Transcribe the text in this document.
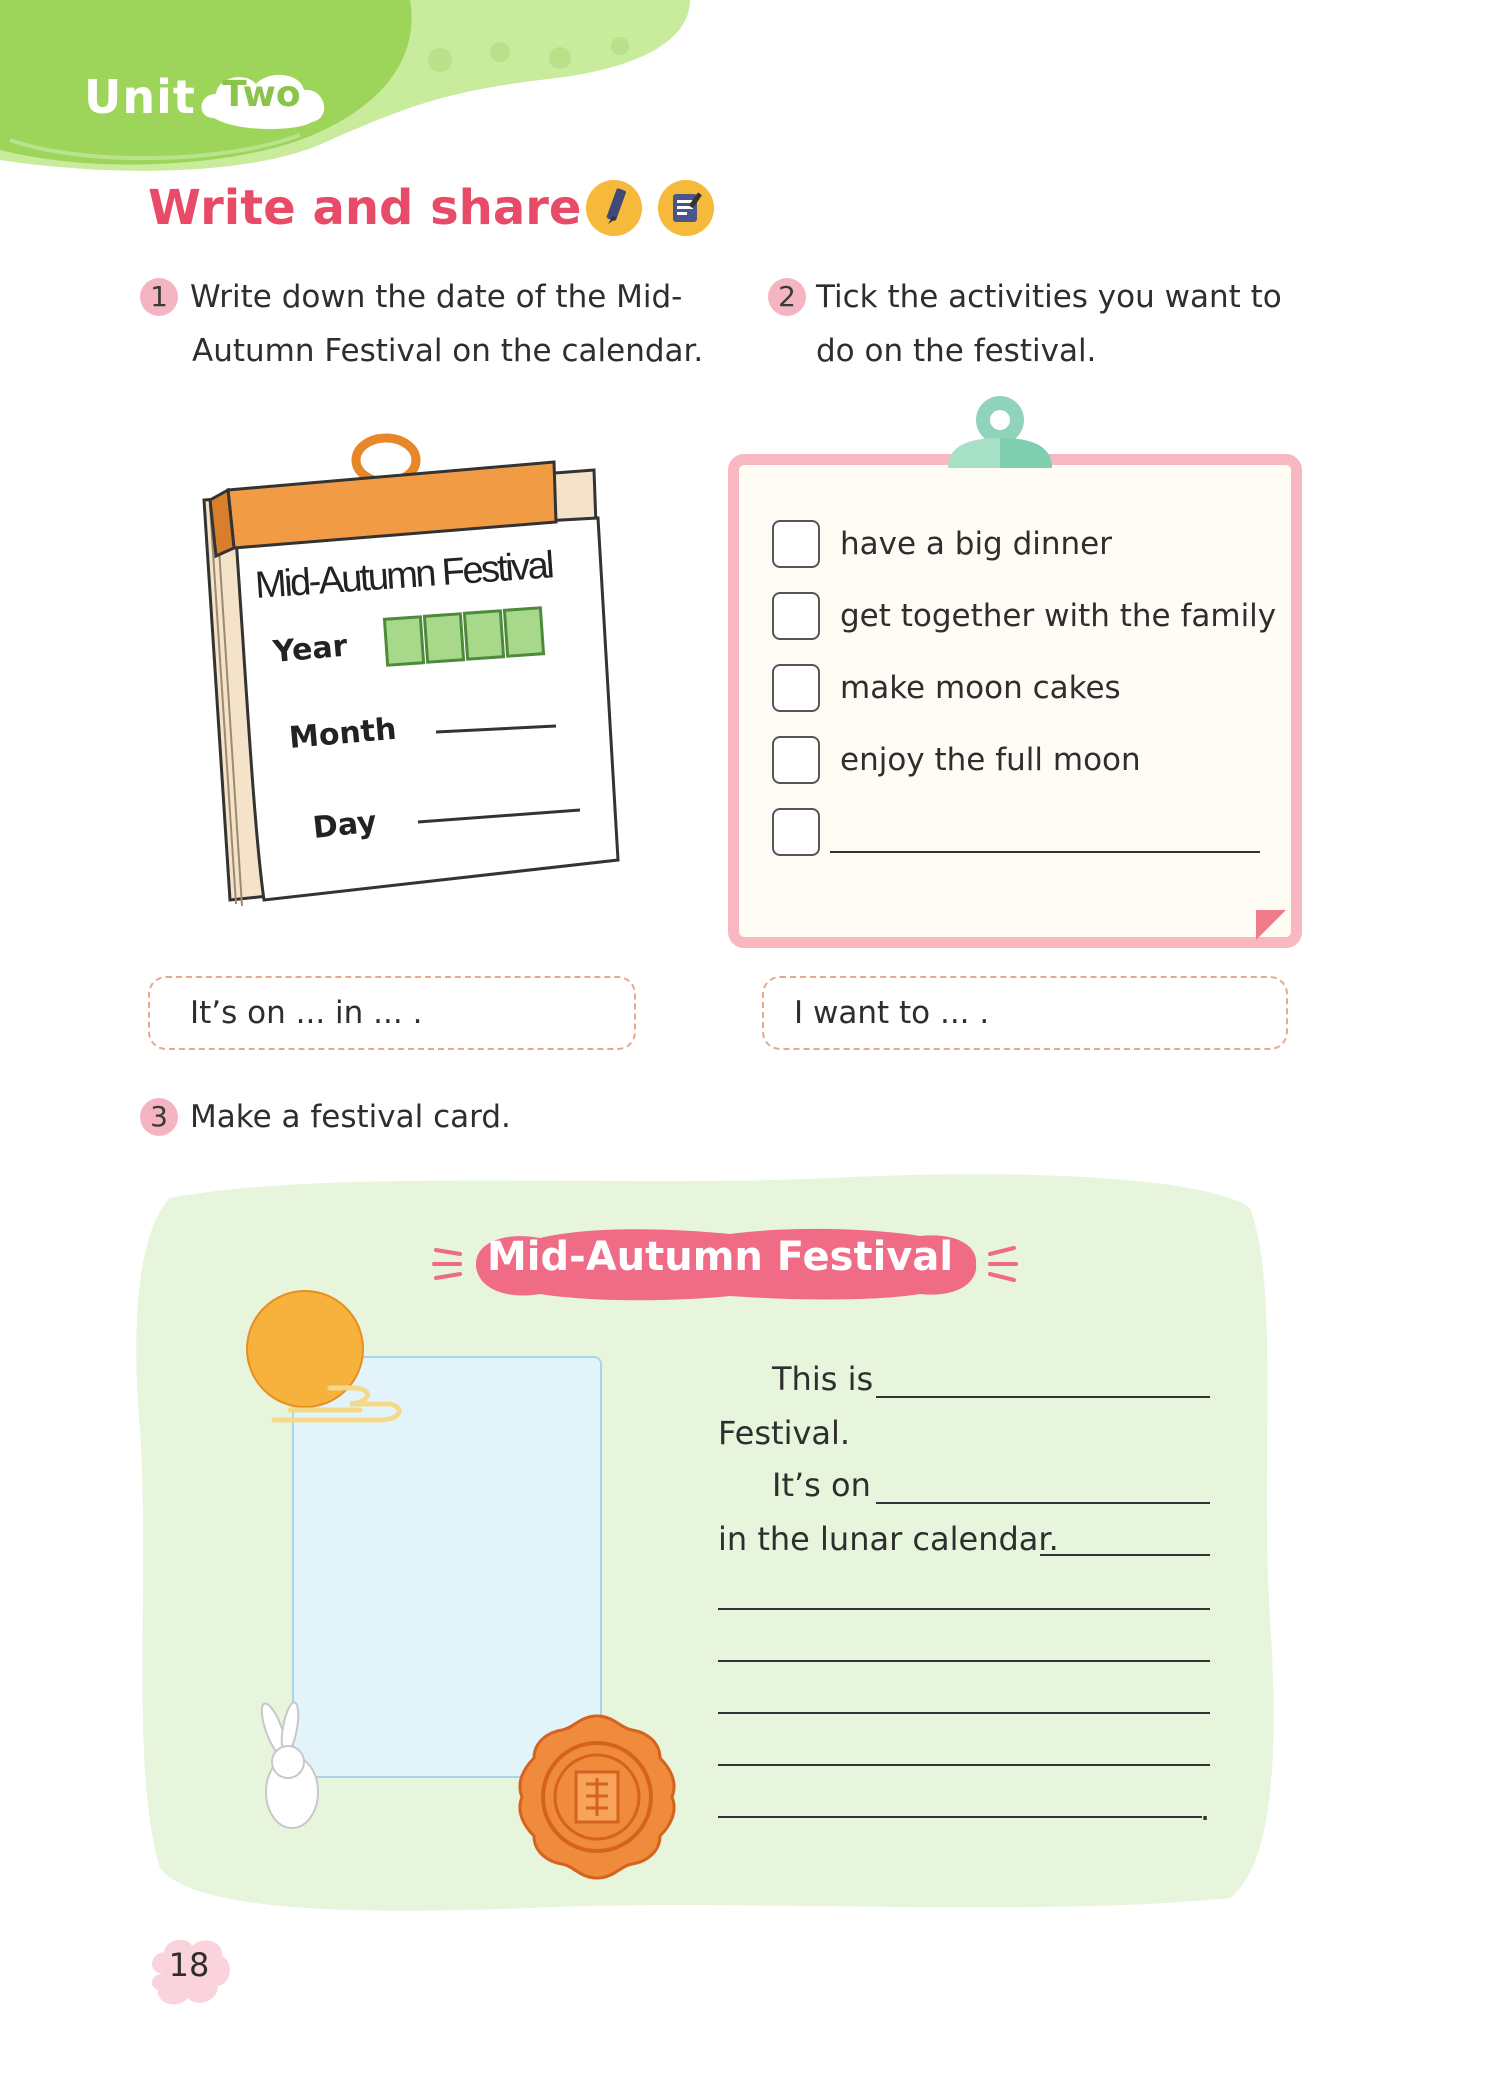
Unit Two
Write and share
1 Write down the date of the Mid-
Autumn Festival on the calendar.
Mid-Autumn Festival
Year
Month
Day
It’s on ... in ... .
2 Tick the activities you want to
do on the festival.
have a big dinner
get together with the family
make moon cakes
enjoy the full moon
I want to ... .
3 Make a festival card.
Mid-Autumn Festival
This is
Festival.
It’s on
in the lunar calendar.
.
18
